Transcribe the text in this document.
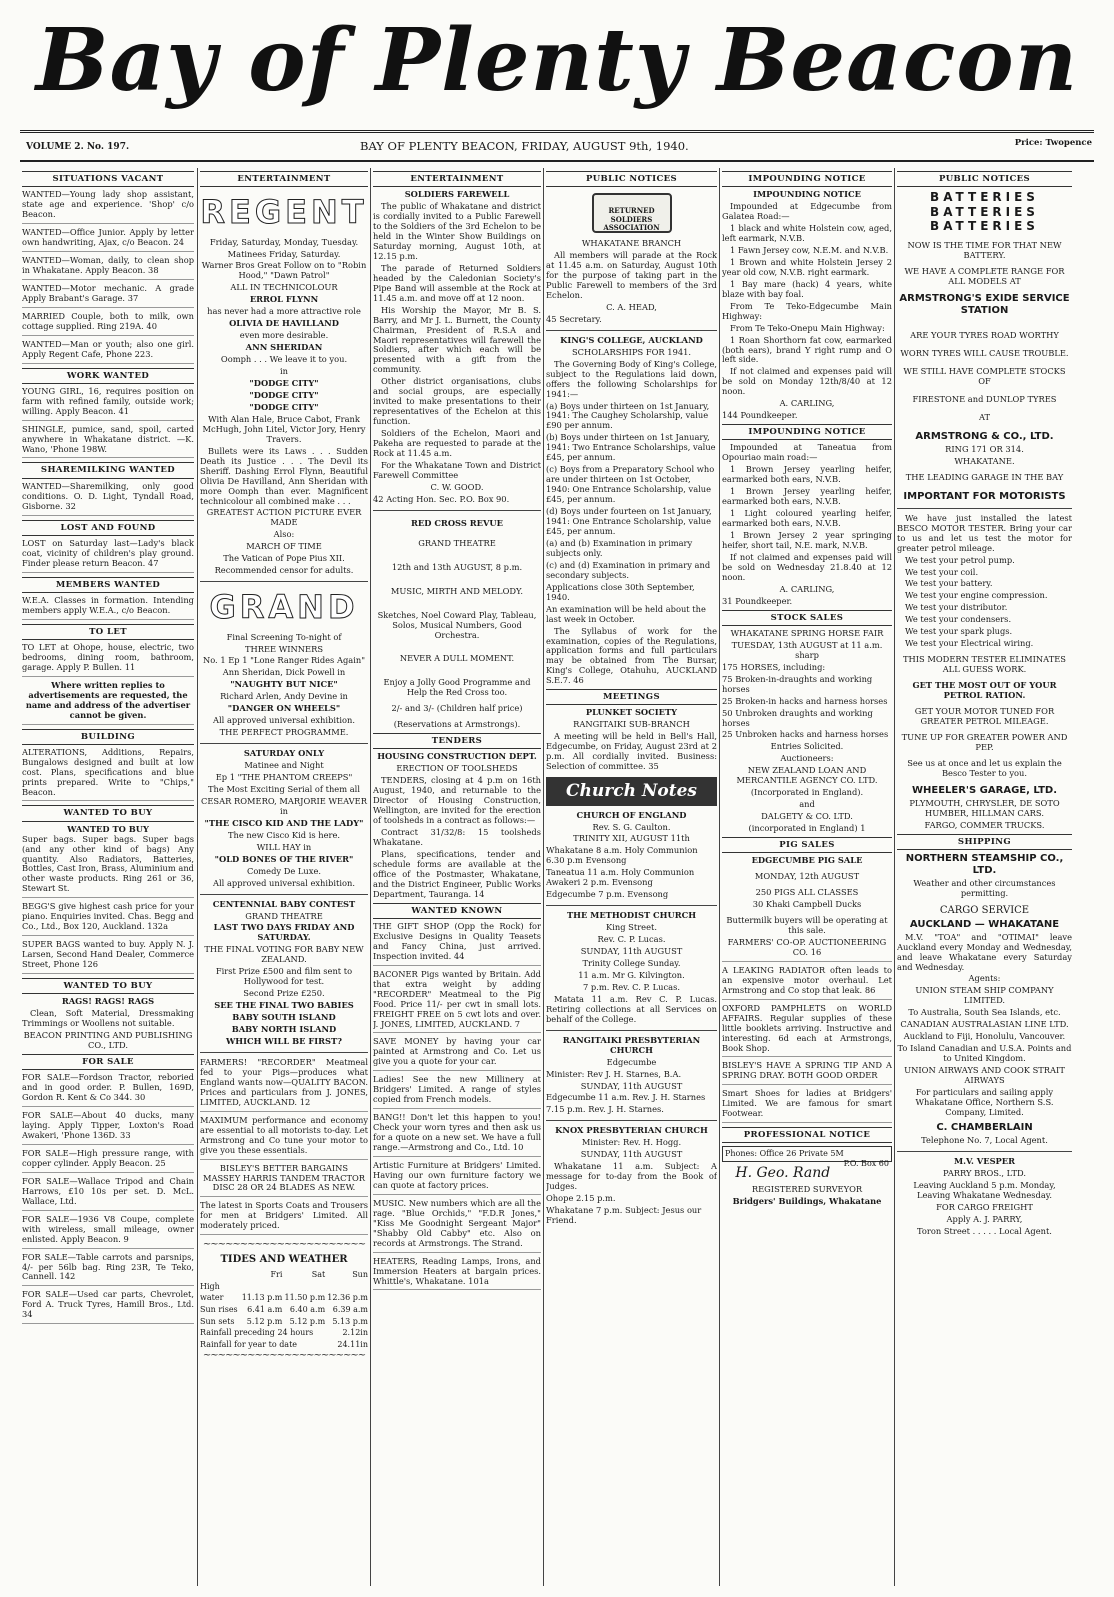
Bay of Plenty Beacon
VOLUME 2. No. 197.	BAY OF PLENTY BEACON, FRIDAY, AUGUST 9th, 1940.	Price: Twopence
SITUATIONS VACANT
WANTED—Young lady shop assistant, state age and experience. 'Shop' c/o Beacon.
WANTED—Office Junior. Apply by letter own handwriting, Ajax, c/o Beacon. 24
WANTED—Woman, daily, to clean shop in Whakatane. Apply Beacon. 38
WANTED—Motor mechanic. A grade Apply Brabant's Garage. 37
MARRIED Couple, both to milk, own cottage supplied. Ring 219A. 40
WANTED—Man or youth; also one girl. Apply Regent Cafe, Phone 223.
WORK WANTED
YOUNG GIRL, 16, requires position on farm with refined family, outside work; willing. Apply Beacon. 41
SHINGLE, pumice, sand, spoil, carted anywhere in Whakatane district. —K. Wano, 'Phone 198W.
SHAREMILKING WANTED
WANTED—Sharemilking, only good conditions. O. D. Light, Tyndall Road, Gisborne. 32
LOST AND FOUND
LOST on Saturday last—Lady's black coat, vicinity of children's play ground. Finder please return Beacon. 47
MEMBERS WANTED
W.E.A. Classes in formation. Intending members apply W.E.A., c/o Beacon.
TO LET
TO LET at Ohope, house, electric, two bedrooms, dining room, bathroom, garage. Apply P. Bullen. 11
Where written replies to advertisements are requested, the name and address of the advertiser cannot be given.
BUILDING
ALTERATIONS, Additions, Repairs, Bungalows designed and built at low cost. Plans, specifications and blue prints prepared. Write to "Chips," Beacon.
WANTED TO BUY
WANTED TO BUY
Super bags. Super bags. Super bags (and any other kind of bags) Any quantity. Also Radiators, Batteries, Bottles, Cast Iron, Brass, Aluminium and other waste products. Ring 261 or 36, Stewart St.
BEGG'S give highest cash price for your piano. Enquiries invited. Chas. Begg and Co., Ltd., Box 120, Auckland. 132a
SUPER BAGS wanted to buy. Apply N. J. Larsen, Second Hand Dealer, Commerce Street, Phone 126
WANTED TO BUY
RAGS! RAGS! RAGS
Clean, Soft Material, Dressmaking Trimmings or Woollens not suitable.
BEACON PRINTING AND PUBLISHING CO., LTD.
FOR SALE
FOR SALE—Fordson Tractor, reboried and in good order. P. Bullen, 169D, Gordon R. Kent & Co 344. 30
FOR SALE—About 40 ducks, many laying. Apply Tipper, Loxton's Road Awakeri, 'Phone 136D. 33
FOR SALE—High pressure range, with copper cylinder. Apply Beacon. 25
FOR SALE—Wallace Tripod and Chain Harrows, £10 10s per set. D. McL. Wallace, Ltd.
FOR SALE—1936 V8 Coupe, complete with wireless, small mileage, owner enlisted. Apply Beacon. 9
FOR SALE—Table carrots and parsnips, 4/- per 56lb bag. Ring 23R, Te Teko, Cannell. 142
FOR SALE—Used car parts, Chevrolet, Ford A. Truck Tyres, Hamill Bros., Ltd. 34
ENTERTAINMENT
REGENT
Friday, Saturday, Monday, Tuesday.
Matinees Friday, Saturday.
Warner Bros Great Follow on to "Robin Hood," "Dawn Patrol"
ALL IN TECHNICOLOUR
ERROL FLYNN
has never had a more attractive role
OLIVIA DE HAVILLAND
even more desirable.
ANN SHERIDAN
Oomph . . . We leave it to you.
in
"DODGE CITY"
"DODGE CITY"
"DODGE CITY"
With Alan Hale, Bruce Cabot, Frank McHugh, John Litel, Victor Jory, Henry Travers.
Bullets were its Laws . . . Sudden Death its Justice . . . The Devil its Sheriff. Dashing Errol Flynn, Beautiful Olivia De Havilland, Ann Sheridan with more Oomph than ever. Magnificent technicolour all combined make . . .
GREATEST ACTION PICTURE EVER MADE
Also:
MARCH OF TIME
The Vatican of Pope Pius XII.
Recommended censor for adults.
GRAND
Final Screening To-night of
THREE WINNERS
No. 1 Ep 1 "Lone Ranger Rides Again"
Ann Sheridan, Dick Powell in
"NAUGHTY BUT NICE"
Richard Arlen, Andy Devine in
"DANGER ON WHEELS"
All approved universal exhibition.
THE PERFECT PROGRAMME.
SATURDAY ONLY
Matinee and Night
Ep 1 "THE PHANTOM CREEPS"
The Most Exciting Serial of them all
CESAR ROMERO, MARJORIE WEAVER in
"THE CISCO KID AND THE LADY"
The new Cisco Kid is here.
WILL HAY in
"OLD BONES OF THE RIVER"
Comedy De Luxe.
All approved universal exhibition.
CENTENNIAL BABY CONTEST
GRAND THEATRE
LAST TWO DAYS FRIDAY AND SATURDAY.
THE FINAL VOTING FOR BABY NEW ZEALAND.
First Prize £500 and film sent to Hollywood for test.
Second Prize £250.
SEE THE FINAL TWO BABIES
BABY SOUTH ISLAND
BABY NORTH ISLAND
WHICH WILL BE FIRST?
FARMERS! "RECORDER" Meatmeal fed to your Pigs—produces what England wants now—QUALITY BACON. Prices and particulars from J. JONES, LIMITED, AUCKLAND. 12
MAXIMUM performance and economy are essential to all motorists to-day. Let Armstrong and Co tune your motor to give you these essentials.
BISLEY'S BETTER BARGAINS MASSEY HARRIS TANDEM TRACTOR DISC 28 OR 24 BLADES AS NEW.
The latest in Sports Coats and Trousers for men at Bridgers' Limited. All moderately priced.
~~~~~~~~~~~~~~~~~~~~~~
TIDES AND WEATHER
	Fri	Sat	Sun
High			
water	11.13 p.m	11.50 p.m	12.36 p.m
Sun rises	6.41 a.m	6.40 a.m	6.39 a.m
Sun sets	5.12 p.m	5.12 p.m	5.13 p.m
Rainfall preceding 24 hours			2.12in
Rainfall for year to date			24.11in
~~~~~~~~~~~~~~~~~~~~~~
ENTERTAINMENT
SOLDIERS FAREWELL
The public of Whakatane and district is cordially invited to a Public Farewell to the Soldiers of the 3rd Echelon to be held in the Winter Show Buildings on Saturday morning, August 10th, at 12.15 p.m.
The parade of Returned Soldiers headed by the Caledonian Society's Pipe Band will assemble at the Rock at 11.45 a.m. and move off at 12 noon.
His Worship the Mayor, Mr B. S. Barry, and Mr J. L. Burnett, the County Chairman, President of R.S.A and Maori representatives will farewell the Soldiers, after which each will be presented with a gift from the community.
Other district organisations, clubs and social groups, are especially invited to make presentations to their representatives of the Echelon at this function.
Soldiers of the Echelon, Maori and Pakeha are requested to parade at the Rock at 11.45 a.m.
For the Whakatane Town and District Farewell Committee
C. W. GOOD.
42 Acting Hon. Sec. P.O. Box 90.
RED CROSS REVUE
GRAND THEATRE
12th and 13th AUGUST, 8 p.m.
MUSIC, MIRTH AND MELODY.
Sketches, Noel Coward Play, Tableau, Solos, Musical Numbers, Good Orchestra.
NEVER A DULL MOMENT.
Enjoy a Jolly Good Programme and Help the Red Cross too.
2/- and 3/- (Children half price)
(Reservations at Armstrongs).
TENDERS
HOUSING CONSTRUCTION DEPT.
ERECTION OF TOOLSHEDS
TENDERS, closing at 4 p.m on 16th August, 1940, and returnable to the Director of Housing Construction, Wellington, are invited for the erection of toolsheds in a contract as follows:—
Contract 31/32/8: 15 toolsheds Whakatane.
Plans, specifications, tender and schedule forms are available at the office of the Postmaster, Whakatane, and the District Engineer, Public Works Department, Tauranga. 14
WANTED KNOWN
THE GIFT SHOP (Opp the Rock) for Exclusive Designs in Quality Teasets and Fancy China, just arrived. Inspection invited. 44
BACONER Pigs wanted by Britain. Add that extra weight by adding "RECORDER" Meatmeal to the Pig Food. Price 11/- per cwt in small lots. FREIGHT FREE on 5 cwt lots and over. J. JONES, LIMITED, AUCKLAND. 7
SAVE MONEY by having your car painted at Armstrong and Co. Let us give you a quote for your car.
Ladies! See the new Millinery at Bridgers' Limited. A range of styles copied from French models.
BANG!! Don't let this happen to you! Check your worn tyres and then ask us for a quote on a new set. We have a full range.—Armstrong and Co., Ltd. 10
Artistic Furniture at Bridgers' Limited. Having our own furniture factory we can quote at factory prices.
MUSIC. New numbers which are all the rage. "Blue Orchids," "F.D.R Jones," "Kiss Me Goodnight Sergeant Major" "Shabby Old Cabby" etc. Also on records at Armstrongs. The Strand.
HEATERS, Reading Lamps, Irons, and Immersion Heaters at bargain prices. Whittle's, Whakatane. 101a
PUBLIC NOTICES
RETURNED SOLDIERS ASSOCIATION
WHAKATANE BRANCH
All members will parade at the Rock at 11.45 a.m. on Saturday, August 10th for the purpose of taking part in the Public Farewell to members of the 3rd Echelon.
C. A. HEAD,
45 Secretary.
KING'S COLLEGE, AUCKLAND
SCHOLARSHIPS FOR 1941.
The Governing Body of King's College, subject to the Regulations laid down, offers the following Scholarships for 1941:—
(a) Boys under thirteen on 1st January, 1941: The Caughey Scholarship, value £90 per annum.
(b) Boys under thirteen on 1st January, 1941: Two Entrance Scholarships, value £45, per annum.
(c) Boys from a Preparatory School who are under thirteen on 1st October, 1940: One Entrance Scholarship, value £45, per annum.
(d) Boys under fourteen on 1st January, 1941: One Entrance Scholarship, value £45, per annum.
(a) and (b) Examination in primary subjects only.
(c) and (d) Examination in primary and secondary subjects.
Applications close 30th September, 1940.
An examination will be held about the last week in October.
The Syllabus of work for the examination, copies of the Regulations, application forms and full particulars may be obtained from The Bursar, King's College, Otahuhu, AUCKLAND S.E.7. 46
MEETINGS
PLUNKET SOCIETY
RANGITAIKI SUB-BRANCH
A meeting will be held in Bell's Hall, Edgecumbe, on Friday, August 23rd at 2 p.m. All cordially invited. Business: Selection of committee. 35
Church Notes
CHURCH OF ENGLAND
Rev. S. G. Caulton.
TRINITY XII, AUGUST 11th
Whakatane 8 a.m. Holy Communion 6.30 p.m Evensong
Taneatua 11 a.m. Holy Communion Awakeri 2 p.m. Evensong
Edgecumbe 7 p.m. Evensong
THE METHODIST CHURCH
King Street.
Rev. C. P. Lucas.
SUNDAY, 11th AUGUST
Trinity College Sunday.
11 a.m. Mr G. Kilvington.
7 p.m. Rev. C. P. Lucas.
Matata 11 a.m. Rev C. P. Lucas. Retiring collections at all Services on behalf of the College.
RANGITAIKI PRESBYTERIAN CHURCH
Edgecumbe
Minister: Rev J. H. Starnes, B.A.
SUNDAY, 11th AUGUST
Edgecumbe 11 a.m. Rev. J. H. Starnes
7.15 p.m. Rev. J. H. Starnes.
KNOX PRESBYTERIAN CHURCH
Minister: Rev. H. Hogg.
SUNDAY, 11th AUGUST
Whakatane 11 a.m. Subject: A message for to-day from the Book of Judges.
Ohope 2.15 p.m.
Whakatane 7 p.m. Subject: Jesus our Friend.
IMPOUNDING NOTICE
IMPOUNDING NOTICE
Impounded at Edgecumbe from Galatea Road:—
1 black and white Holstein cow, aged, left earmark, N.V.B.
1 Fawn Jersey cow, N.E.M. and N.V.B.
1 Brown and white Holstein Jersey 2 year old cow, N.V.B. right earmark.
1 Bay mare (hack) 4 years, white blaze with bay foal.
From Te Teko-Edgecumbe Main Highway:
From Te Teko-Onepu Main Highway:
1 Roan Shorthorn fat cow, earmarked (both ears), brand Y right rump and O left side.
If not claimed and expenses paid will be sold on Monday 12th/8/40 at 12 noon.
A. CARLING,
144 Poundkeeper.
IMPOUNDING NOTICE
Impounded at Taneatua from Opouriao main road:—
1 Brown Jersey yearling heifer, earmarked both ears, N.V.B.
1 Brown Jersey yearling heifer, earmarked both ears, N.V.B.
1 Light coloured yearling heifer, earmarked both ears, N.V.B.
1 Brown Jersey 2 year springing heifer, short tail, N.E. mark, N.V.B.
If not claimed and expenses paid will be sold on Wednesday 21.8.40 at 12 noon.
A. CARLING,
31 Poundkeeper.
STOCK SALES
WHAKATANE SPRING HORSE FAIR
TUESDAY, 13th AUGUST at 11 a.m. sharp
175 HORSES, including:
75 Broken-in-draughts and working horses
25 Broken-in hacks and harness horses
50 Unbroken draughts and working horses
25 Unbroken hacks and harness horses
Entries Solicited.
Auctioneers:
NEW ZEALAND LOAN AND MERCANTILE AGENCY CO. LTD.
(Incorporated in England).
and
DALGETY & CO. LTD.
(incorporated in England) 1
PIG SALES
EDGECUMBE PIG SALE
MONDAY, 12th AUGUST
250 PIGS ALL CLASSES
30 Khaki Campbell Ducks
Buttermilk buyers will be operating at this sale.
FARMERS' CO-OP. AUCTIONEERING CO. 16
A LEAKING RADIATOR often leads to an expensive motor overhaul. Let Armstrong and Co stop that leak. 86
OXFORD PAMPHLETS on WORLD AFFAIRS. Regular supplies of these little booklets arriving. Instructive and interesting. 6d each at Armstrongs, Book Shop.
BISLEY'S HAVE A SPRING TIP AND A SPRING DRAY. BOTH GOOD ORDER
Smart Shoes for ladies at Bridgers' Limited. We are famous for smart Footwear.
PROFESSIONAL NOTICE
Phones: Office 26 Private 5M
P.O. Box 60
H. Geo. Rand
REGISTERED SURVEYOR
Bridgers' Buildings, Whakatane
PUBLIC NOTICES
BATTERIES
BATTERIES
BATTERIES
NOW IS THE TIME FOR THAT NEW BATTERY.
WE HAVE A COMPLETE RANGE FOR ALL MODELS AT
ARMSTRONG'S EXIDE SERVICE STATION
ARE YOUR TYRES ROAD WORTHY
WORN TYRES WILL CAUSE TROUBLE.
WE STILL HAVE COMPLETE STOCKS OF
FIRESTONE and DUNLOP TYRES
AT
ARMSTRONG & CO., LTD.
RING 171 OR 314.
WHAKATANE.
THE LEADING GARAGE IN THE BAY
IMPORTANT FOR MOTORISTS
We have just installed the latest BESCO MOTOR TESTER. Bring your car to us and let us test the motor for greater petrol mileage.
We test your petrol pump.
We test your coil.
We test your battery.
We test your engine compression.
We test your distributor.
We test your condensers.
We test your spark plugs.
We test your Electrical wiring.
THIS MODERN TESTER ELIMINATES ALL GUESS WORK.
GET THE MOST OUT OF YOUR PETROL RATION.
GET YOUR MOTOR TUNED FOR GREATER PETROL MILEAGE.
TUNE UP FOR GREATER POWER AND PEP.
See us at once and let us explain the Besco Tester to you.
WHEELER'S GARAGE, LTD.
PLYMOUTH, CHRYSLER, DE SOTO HUMBER, HILLMAN CARS.
FARGO, COMMER TRUCKS.
SHIPPING
NORTHERN STEAMSHIP CO., LTD.
Weather and other circumstances permitting.
CARGO SERVICE
AUCKLAND — WHAKATANE
M.V. "TOA" and "OTIMAI" leave Auckland every Monday and Wednesday, and leave Whakatane every Saturday and Wednesday.
Agents:
UNION STEAM SHIP COMPANY LIMITED.
To Australia, South Sea Islands, etc.
CANADIAN AUSTRALASIAN LINE LTD.
Auckland to Fiji, Honolulu, Vancouver.
To Island Canadian and U.S.A. Points and to United Kingdom.
UNION AIRWAYS AND COOK STRAIT AIRWAYS
For particulars and sailing apply Whakatane Office, Northern S.S. Company, Limited.
C. CHAMBERLAIN
Telephone No. 7, Local Agent.
M.V. VESPER
PARRY BROS., LTD.
Leaving Auckland 5 p.m. Monday, Leaving Whakatane Wednesday.
FOR CARGO FREIGHT
Apply A. J. PARRY,
Toron Street . . . . . Local Agent.
